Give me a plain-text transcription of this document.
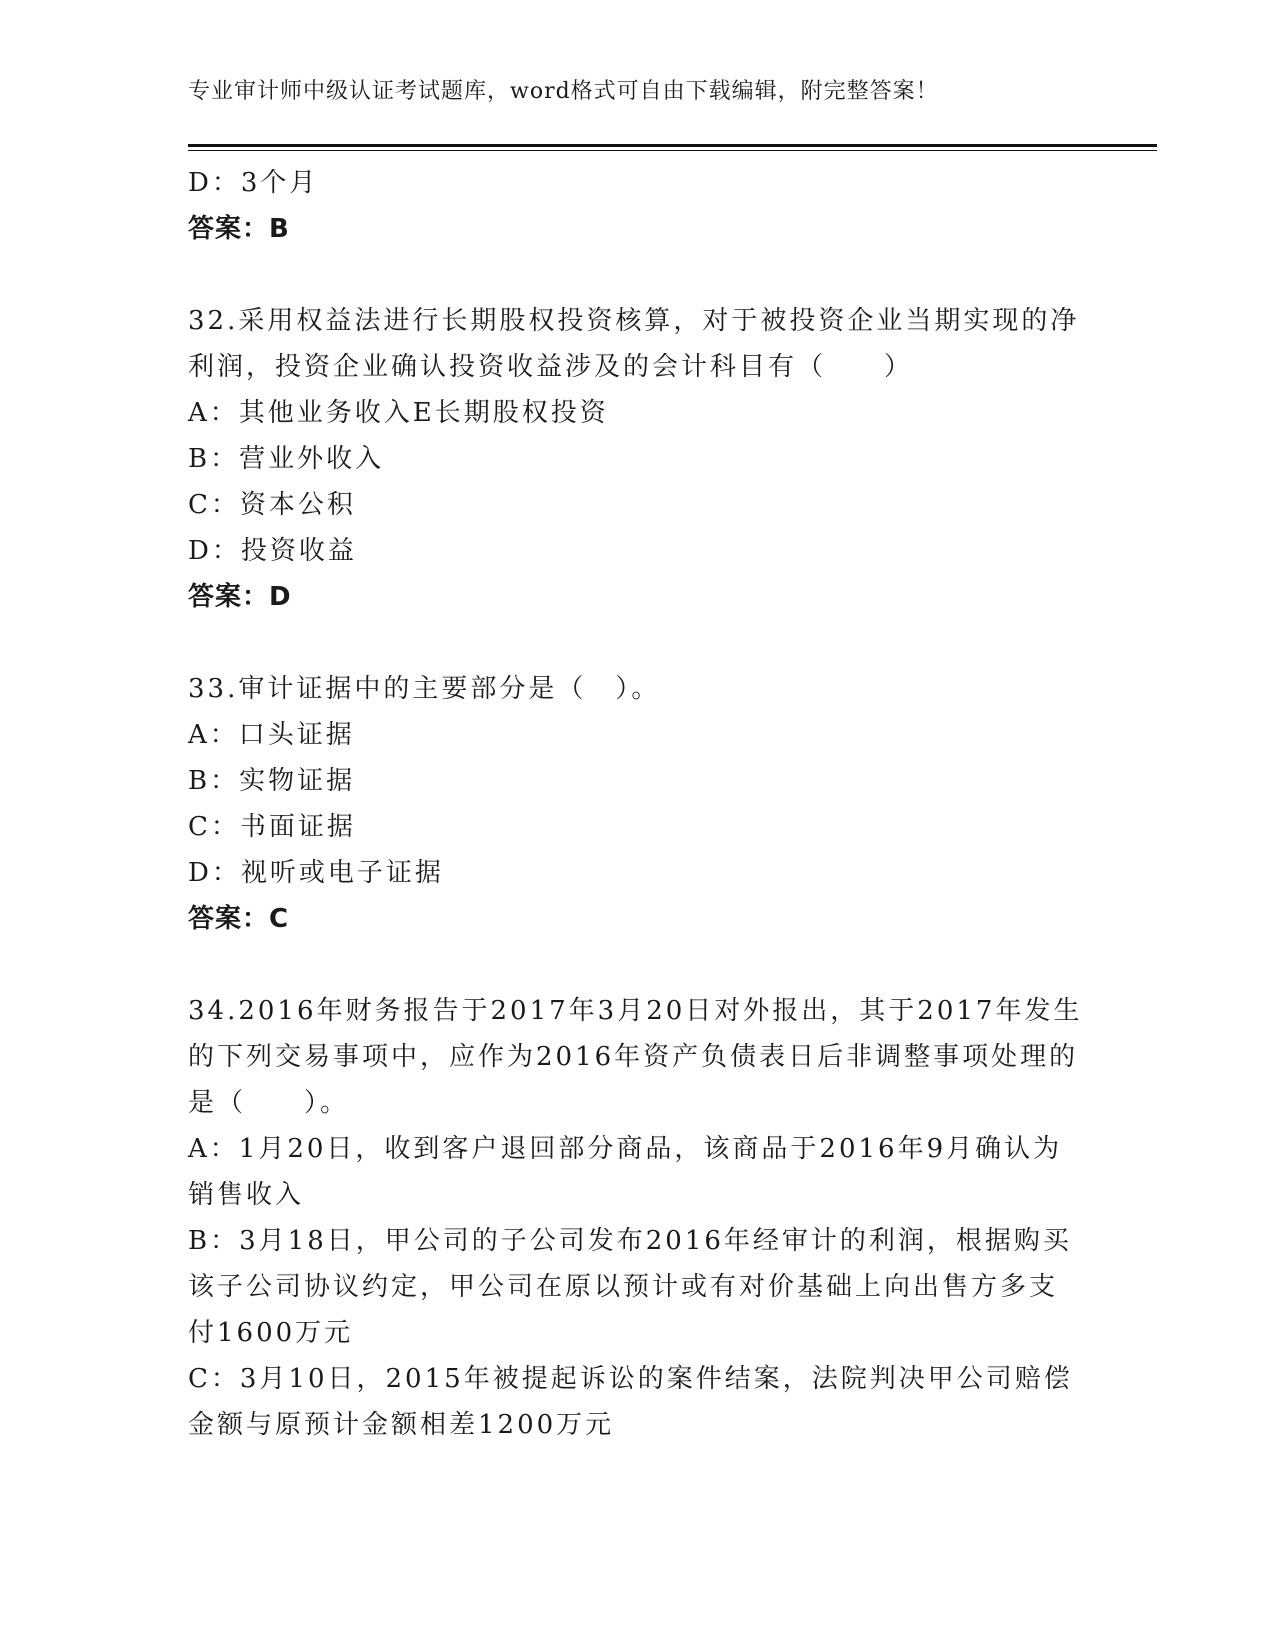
专业审计师中级认证考试题库，word格式可自由下载编辑，附完整答案！
D：3个月
答案：B
32.采用权益法进行长期股权投资核算，对于被投资企业当期实现的净
利润，投资企业确认投资收益涉及的会计科目有（　　）
A：其他业务收入E长期股权投资
B：营业外收入
C：资本公积
D：投资收益
答案：D
33.审计证据中的主要部分是（　）。
A：口头证据
B：实物证据
C：书面证据
D：视听或电子证据
答案：C
34.2016年财务报告于2017年3月20日对外报出，其于2017年发生
的下列交易事项中，应作为2016年资产负债表日后非调整事项处理的
是（　　）。
A：1月20日，收到客户退回部分商品，该商品于2016年9月确认为
销售收入
B：3月18日，甲公司的子公司发布2016年经审计的利润，根据购买
该子公司协议约定，甲公司在原以预计或有对价基础上向出售方多支
付1600万元
C：3月10日，2015年被提起诉讼的案件结案，法院判决甲公司赔偿
金额与原预计金额相差1200万元
